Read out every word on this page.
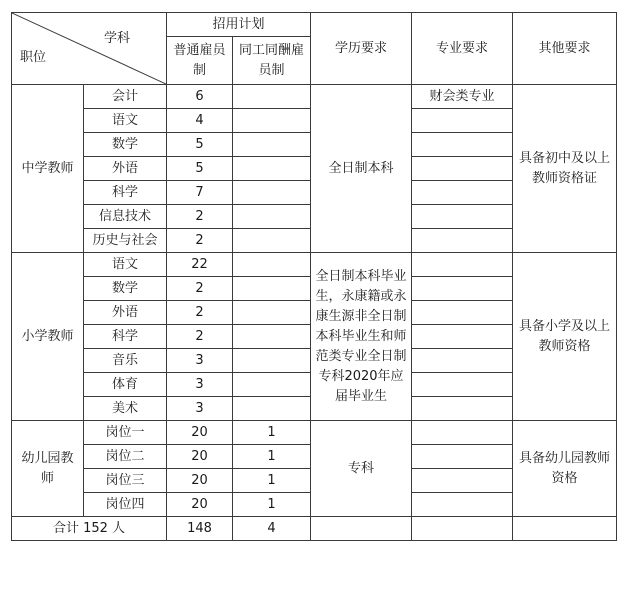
学科
职位		招用计划		学历要求	专业要求	其他要求
		普通雇员制	同工同酬雇员制			
中学教师	会计	6		全日制本科	财会类专业	具备初中及以上教师资格证
	语文	4				
	数学	5				
	外语	5				
	科学	7				
	信息技术	2				
	历史与社会	2				
小学教师	语文	22		全日制本科毕业生，永康籍或永康生源非全日制本科毕业生和师范类专业全日制专科2020年应届毕业生		具备小学及以上教师资格
	数学	2				
	外语	2				
	科学	2				
	音乐	3				
	体育	3				
	美术	3				
幼儿园教师	岗位一	20	1	专科		具备幼儿园教师资格
	岗位二	20	1			
	岗位三	20	1			
	岗位四	20	1			
合计 152 人		148	4			
